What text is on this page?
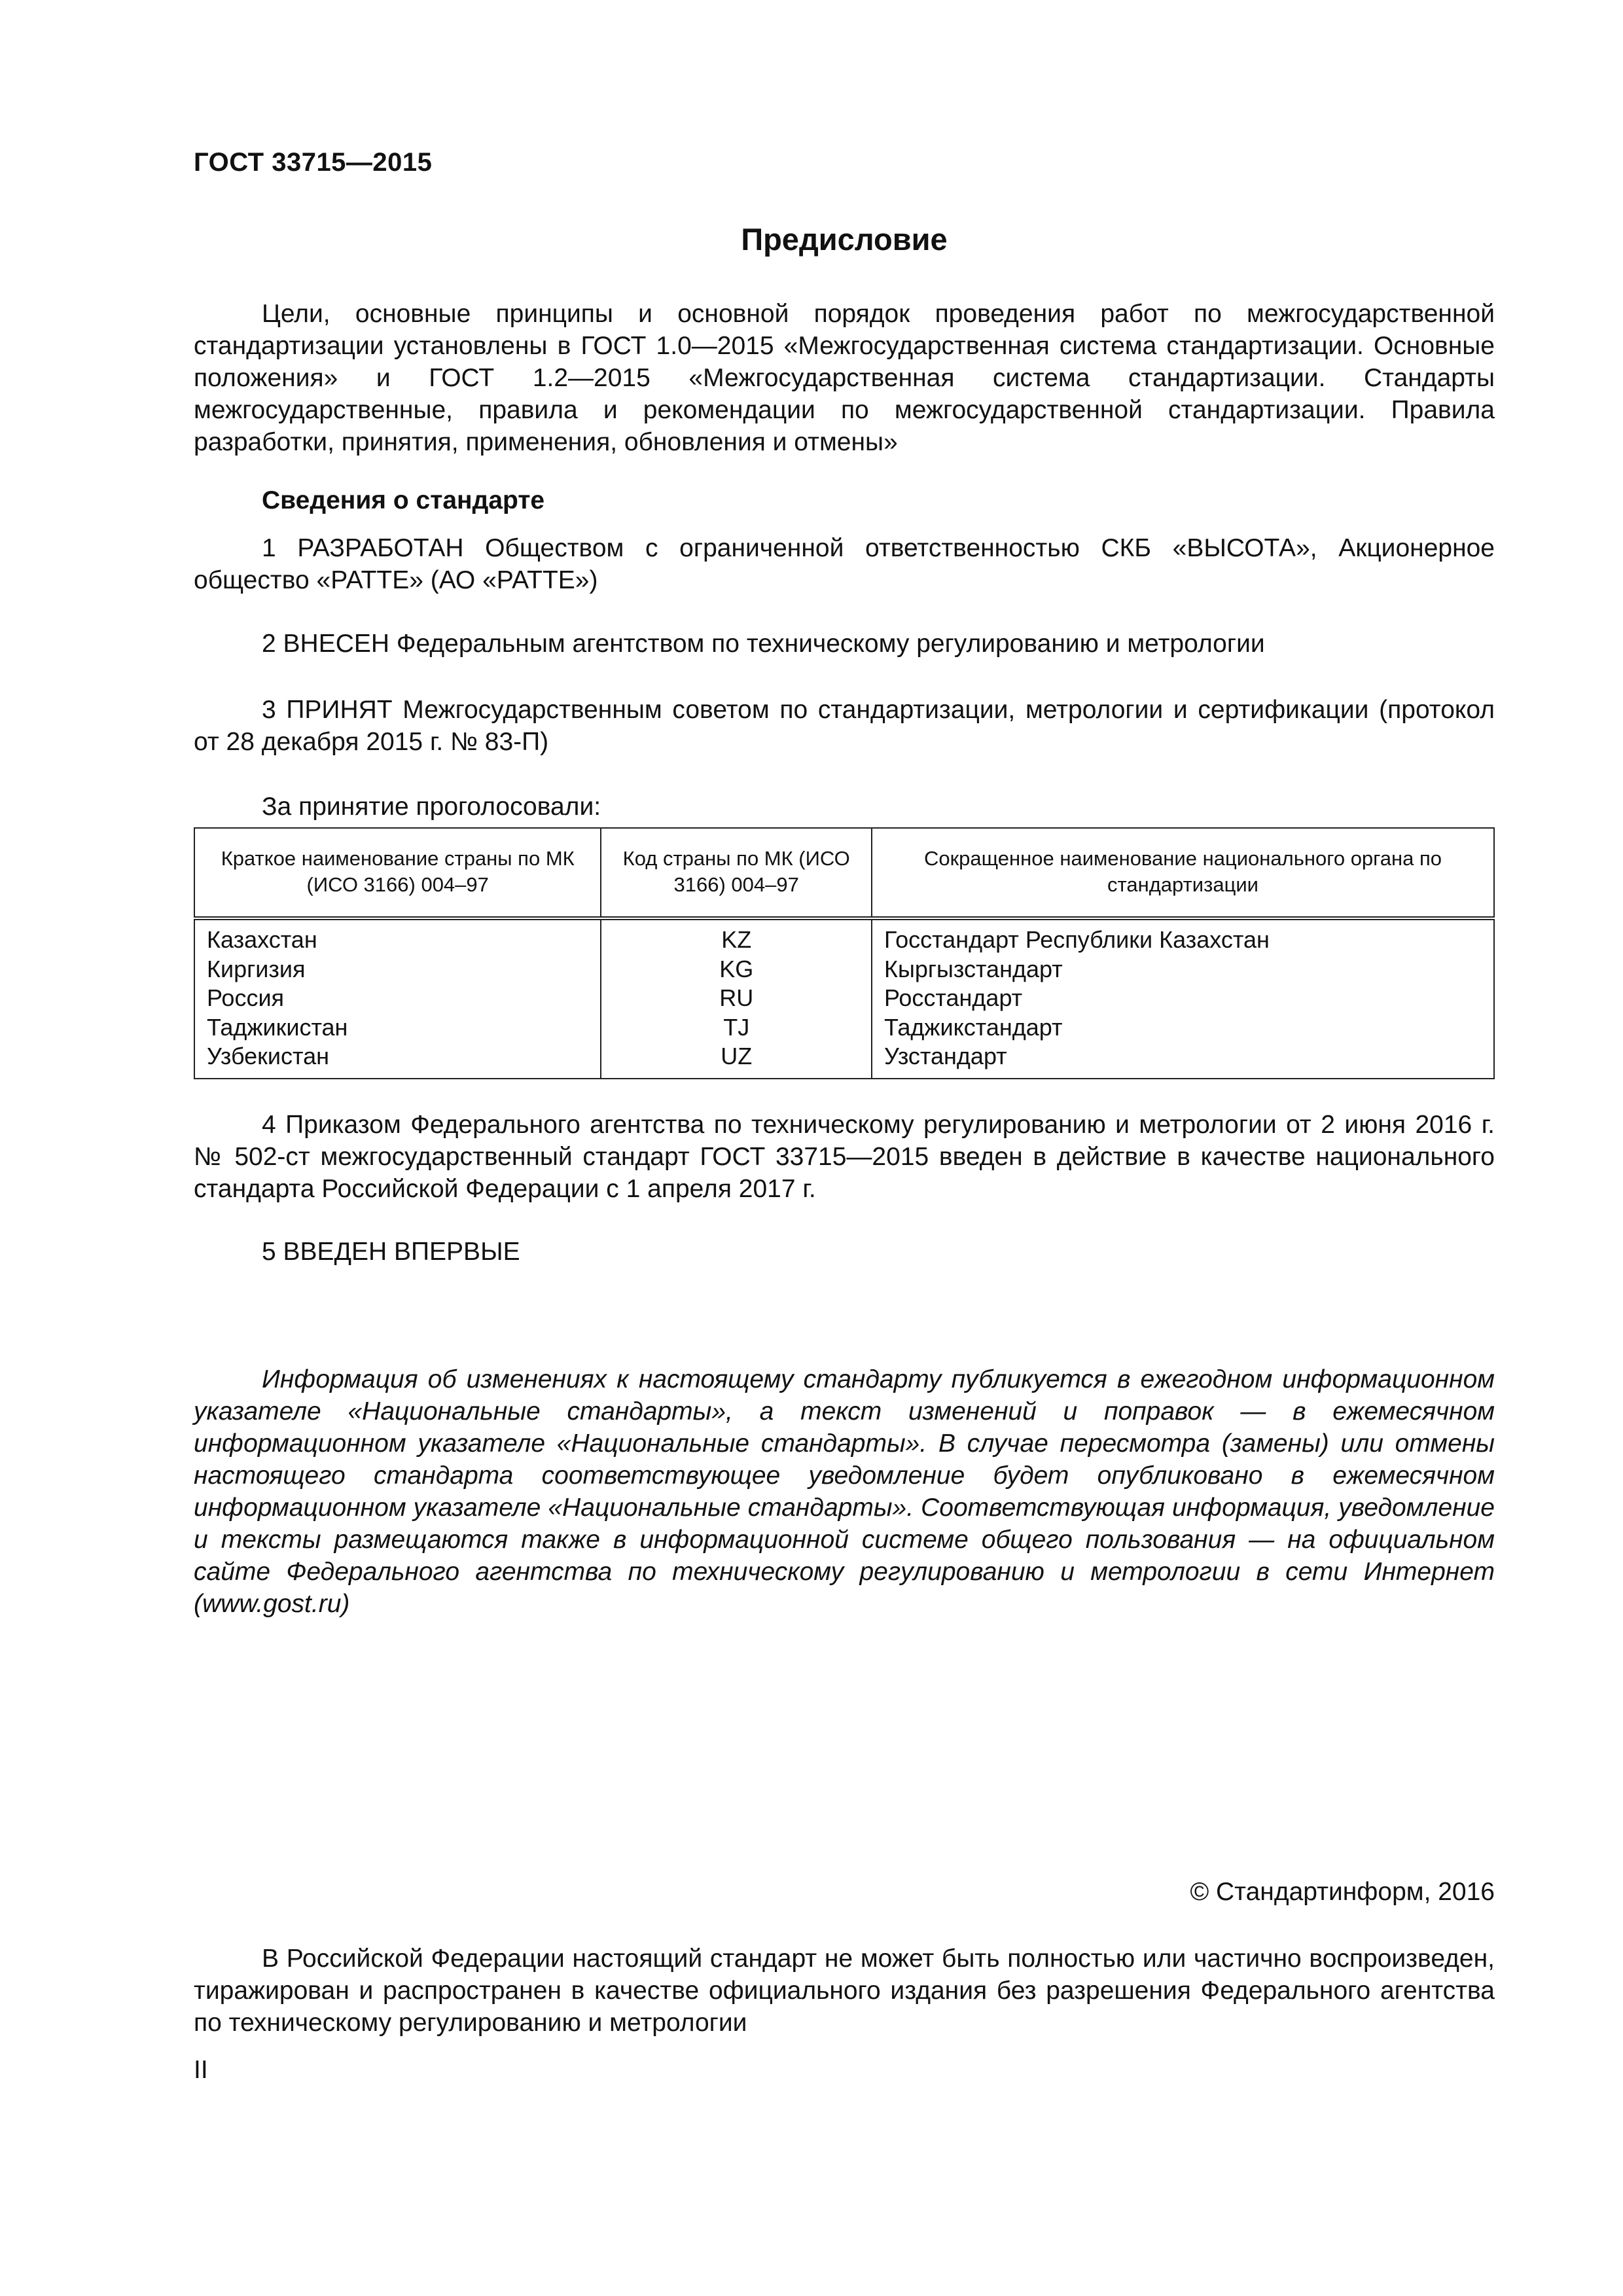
ГОСТ 33715—2015
Предисловие

Цели, основные принципы и основной порядок проведения работ по межгосударственной стандартизации установлены в ГОСТ 1.0—2015 «Межгосударственная система стандартизации. Основные положения» и ГОСТ 1.2—2015 «Межгосударственная система стандартизации. Стандарты межгосударственные, правила и рекомендации по межгосударственной стандартизации. Правила разработки, принятия, применения, обновления и отмены»

Сведения о стандарте

1 РАЗРАБОТАН Обществом с ограниченной ответственностью СКБ «ВЫСОТА», Акционерное общество «РАТТЕ» (АО «РАТТЕ»)

2 ВНЕСЕН Федеральным агентством по техническому регулированию и метрологии

3 ПРИНЯТ Межгосударственным советом по стандартизации, метрологии и сертификации (протокол от 28 декабря 2015 г. № 83-П)

За принятие проголосовали:
Краткое наименование страны по МК (ИСО 3166) 004–97	Код страны по МК (ИСО 3166) 004–97	Сокращенное наименование национального органа по стандартизации
Казахстан	KZ	Госстандарт Республики Казахстан
Киргизия	KG	Кыргызстандарт
Россия	RU	Росстандарт
Таджикистан	TJ	Таджикстандарт
Узбекистан	UZ	Узстандарт

4 Приказом Федерального агентства по техническому регулированию и метрологии от 2 июня 2016 г. № 502-ст межгосударственный стандарт ГОСТ 33715—2015 введен в действие в качестве национального стандарта Российской Федерации с 1 апреля 2017 г.

5 ВВЕДЕН ВПЕРВЫЕ

Информация об изменениях к настоящему стандарту публикуется в ежегодном информационном указателе «Национальные стандарты», а текст изменений и поправок — в ежемесячном информационном указателе «Национальные стандарты». В случае пересмотра (замены) или отмены настоящего стандарта соответствующее уведомление будет опубликовано в ежемесячном информационном указателе «Национальные стандарты». Соответствующая информация, уведомление и тексты размещаются также в информационной системе общего пользования — на официальном сайте Федерального агентства по техническому регулированию и метрологии в сети Интернет (www.gost.ru)

© Стандартинформ, 2016

В Российской Федерации настоящий стандарт не может быть полностью или частично воспроизведен, тиражирован и распространен в качестве официального издания без разрешения Федерального агентства по техническому регулированию и метрологии

II
